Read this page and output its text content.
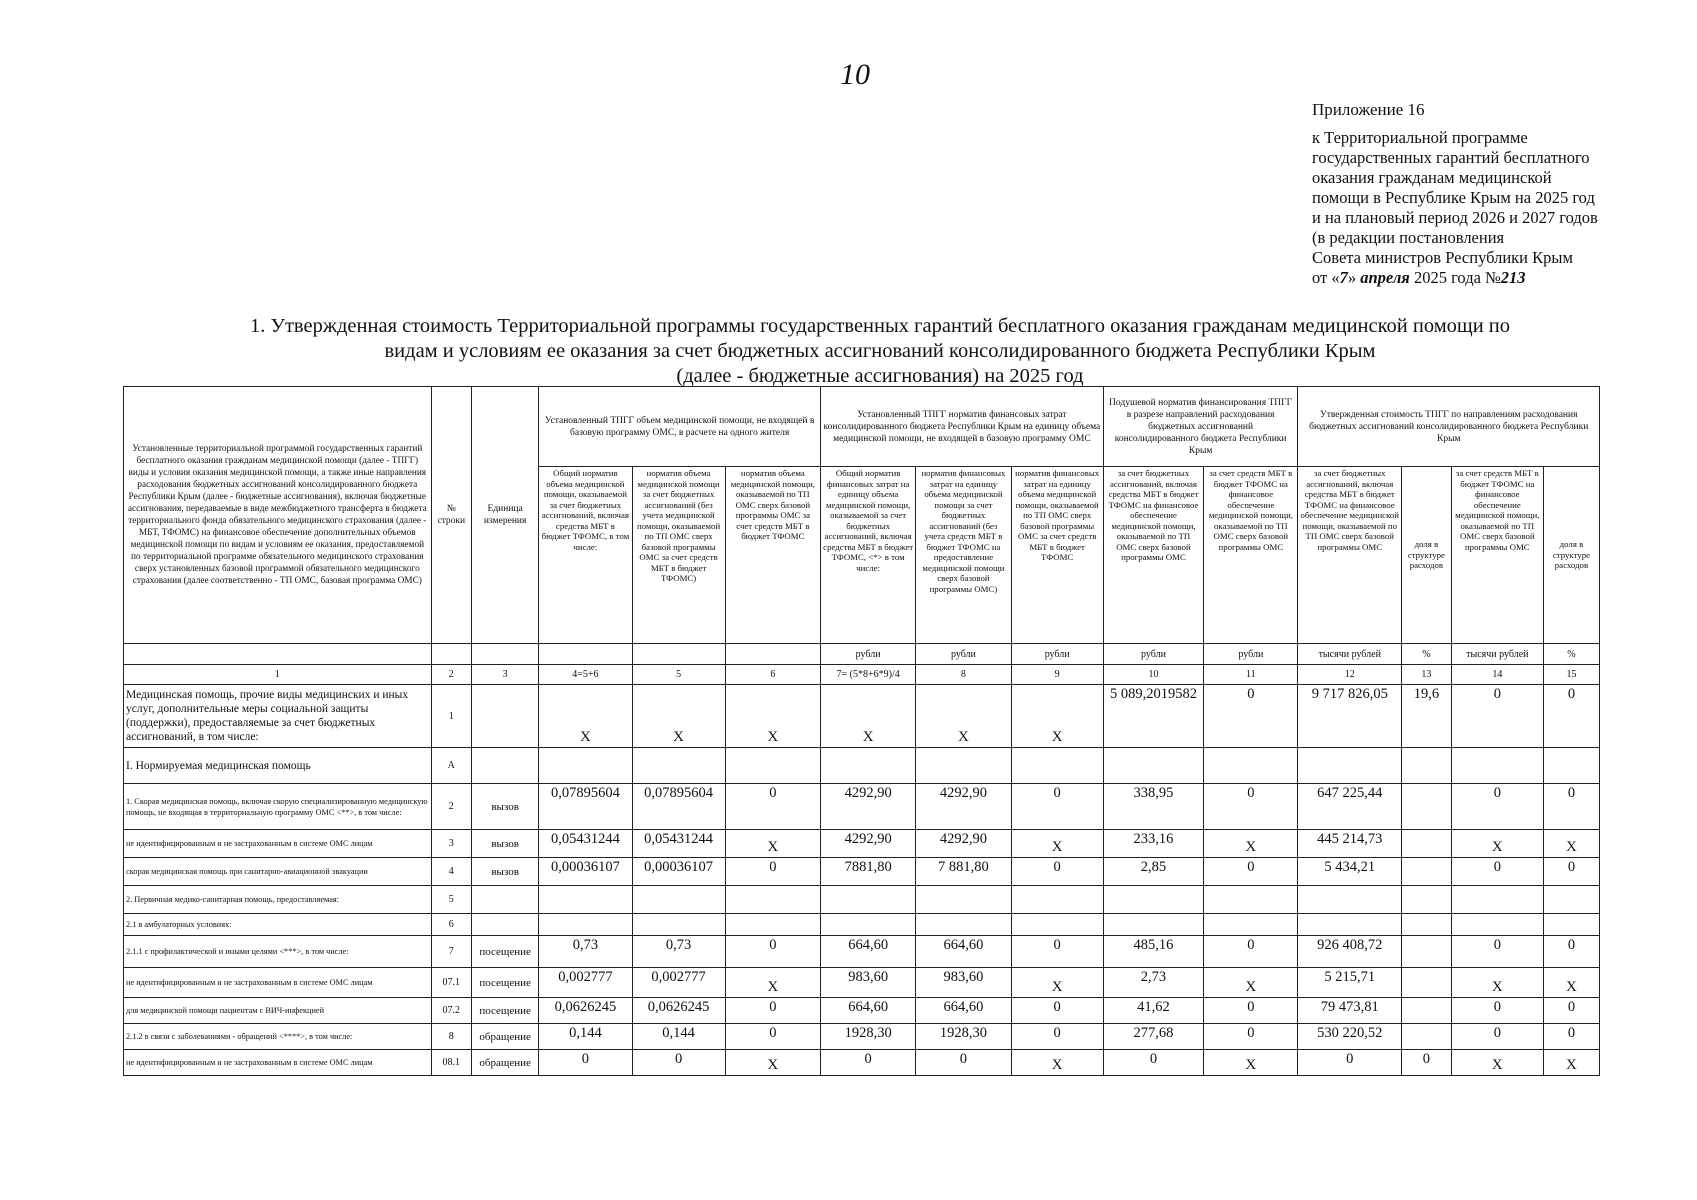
10
Приложение 16
к Территориальной программе
государственных гарантий бесплатного
оказания гражданам медицинской
помощи в Республике Крым на 2025 год
и на плановый период 2026 и 2027 годов
(в редакции постановления
Совета министров Республики Крым
от «7» апреля 2025 года №213
1. Утвержденная стоимость Территориальной программы государственных гарантий бесплатного оказания гражданам медицинской помощи по
видам и условиям ее оказания за счет бюджетных ассигнований консолидированного бюджета Республики Крым
(далее - бюджетные ассигнования) на 2025 год
Установленные территориальной программой государственных гарантий бесплатного оказания гражданам медицинской помощи (далее - ТПГГ) виды и условия оказания медицинской помощи, а также иные направления расходования бюджетных ассигнований консолидированного бюджета Республики Крым (далее - бюджетные ассигнования), включая бюджетные ассигнования, передаваемые в виде межбюджетного трансферта в бюджета территориального фонда обязательного медицинского страхования (далее - МБТ, ТФОМС) на финансовое обеспечение дополнительных объемов медицинской помощи по видам и условиям ее оказания, предоставляемой по территориальной программе обязательного медицинского страхования сверх установленных базовой программой обязательного медицинского страхования (далее соответственно - ТП ОМС, базовая программа ОМС)	№ строки	Единица измерения	Установленный ТПГГ объем медицинской помощи, не входящей в базовую программу ОМС, в расчете на одного жителя			Установленный ТПГГ норматив финансовых затрат консолидированного бюджета Республики Крым на единицу объема медицинской помощи, не входящей в базовую программу ОМС			Подушевой норматив финансирования ТПГГ в разрезе направлений расходования бюджетных ассигнований консолидированного бюджета Республики Крым		Утвержденная стоимость ТПГГ по направлениям расходования бюджетных ассигнований консолидированного бюджета Республики Крым			
			Общий норматив объема медицинской помощи, оказываемой за счет бюджетных ассигнований, включая средства МБТ в бюджет ТФОМС, в том числе:	норматив объема медицинской помощи за счет бюджетных ассигнований (без учета медицинской помощи, оказываемой по ТП ОМС сверх базовой программы ОМС за счет средств МБТ в бюджет ТФОМС)	норматив объема медицинской помощи, оказываемой по ТП ОМС сверх базовой программы ОМС за счет средств МБТ в бюджет ТФОМС	Общий норматив финансовых затрат на единицу объема медицинской помощи, оказываемой за счет бюджетных ассигнований, включая средства МБТ в бюджет ТФОМС, <*> в том числе:	норматив финансовых затрат на единицу объема медицинской помощи за счет бюджетных ассигнований (без учета средств МБТ в бюджет ТФОМС на предоставление медицинской помощи сверх базовой программы ОМС)	норматив финансовых затрат на единицу объема медицинской помощи, оказываемой по ТП ОМС сверх базовой программы ОМС за счет средств МБТ в бюджет ТФОМС	за счет бюджетных ассигнований, включая средства МБТ в бюджет ТФОМС на финансовое обеспечение медицинской помощи, оказываемой по ТП ОМС сверх базовой программы ОМС	за счет средств МБТ в бюджет ТФОМС на финансовое обеспечение медицинской помощи, оказываемой по ТП ОМС сверх базовой программы ОМС	за счет бюджетных ассигнований, включая средства МБТ в бюджет ТФОМС на финансовое обеспечение медицинской помощи, оказываемой по ТП ОМС сверх базовой программы ОМС	доля в структуре расходов	за счет средств МБТ в бюджет ТФОМС на финансовое обеспечение медицинской помощи, оказываемой по ТП ОМС сверх базовой программы ОМС	доля в структуре расходов
						рубли	рубли	рубли	рубли	рубли	тысячи рублей	%	тысячи рублей	%
1	2	3	4=5+6	5	6	7= (5*8+6*9)/4	8	9	10	11	12	13	14	15
Медицинская помощь, прочие виды медицинских и иных услуг, дополнительные меры социальной защиты (поддержки), предоставляемые за счет бюджетных ассигнований, в том числе:	1		X	X	X	X	X	X	5 089,2019582	0	9 717 826,05	19,6	0	0
I. Нормируемая медицинская помощь	А													
1. Скорая медицинская помощь, включая скорую специализированную медицинскую помощь, не входящая в территориальную программу ОМС <**>, в том числе:	2	вызов	0,07895604	0,07895604	0	4292,90	4292,90	0	338,95	0	647 225,44		0	0
не идентифицированным и не застрахованным в системе ОМС лицам	3	вызов	0,05431244	0,05431244	X	4292,90	4292,90	X	233,16	X	445 214,73		X	X
скорая медицинская помощь при санитарно-авиационной эвакуации	4	вызов	0,00036107	0,00036107	0	7881,80	7 881,80	0	2,85	0	5 434,21		0	0
2. Первичная медико-санитарная помощь, предоставляемая:	5													
2.1 в амбулаторных условиях:	6													
2.1.1 с профилактической и иными целями <***>, в том числе:	7	посещение	0,73	0,73	0	664,60	664,60	0	485,16	0	926 408,72		0	0
не идентифицированным и не застрахованным в системе ОМС лицам	07.1	посещение	0,002777	0,002777	X	983,60	983,60	X	2,73	X	5 215,71		X	X
для медицинской помощи пациентам с ВИЧ-инфекцией	07.2	посещение	0,0626245	0,0626245	0	664,60	664,60	0	41,62	0	79 473,81		0	0
2.1.2 в связи с заболеваниями - обращений <****>, в том числе:	8	обращение	0,144	0,144	0	1928,30	1928,30	0	277,68	0	530 220,52		0	0
не идентифицированным и не застрахованным в системе ОМС лицам	08.1	обращение	0	0	X	0	0	X	0	X	0	0	X	X
